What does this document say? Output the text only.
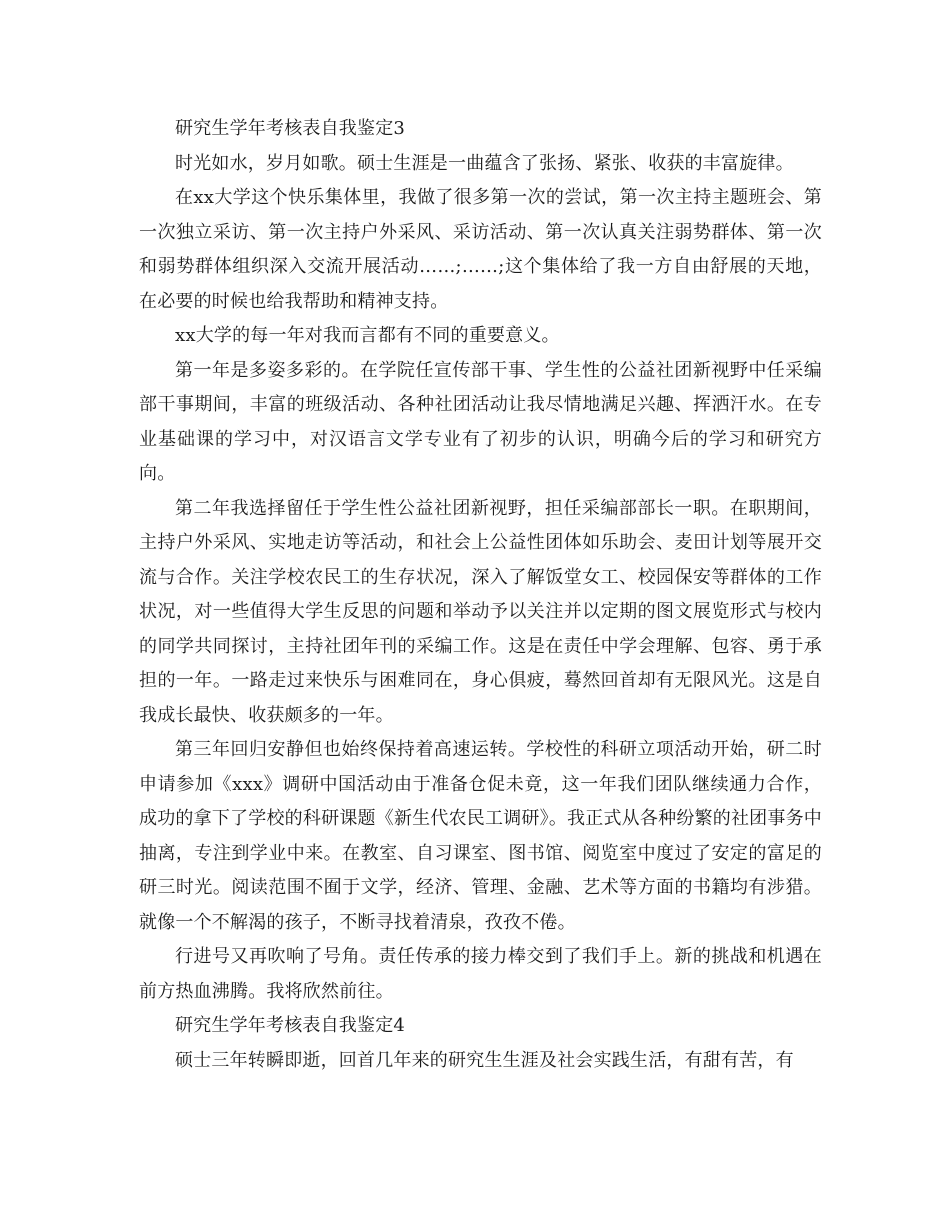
研究生学年考核表自我鉴定3

时光如水，岁月如歌。硕士生涯是一曲蕴含了张扬、紧张、收获的丰富旋律。

在xx大学这个快乐集体里，我做了很多第一次的尝试，第一次主持主题班会、第一次独立采访、第一次主持户外采风、采访活动、第一次认真关注弱势群体、第一次和弱势群体组织深入交流开展活动……;……;这个集体给了我一方自由舒展的天地，在必要的时候也给我帮助和精神支持。

xx大学的每一年对我而言都有不同的重要意义。

第一年是多姿多彩的。在学院任宣传部干事、学生性的公益社团新视野中任采编部干事期间，丰富的班级活动、各种社团活动让我尽情地满足兴趣、挥洒汗水。在专业基础课的学习中，对汉语言文学专业有了初步的认识，明确今后的学习和研究方向。

第二年我选择留任于学生性公益社团新视野，担任采编部部长一职。在职期间，主持户外采风、实地走访等活动，和社会上公益性团体如乐助会、麦田计划等展开交流与合作。关注学校农民工的生存状况，深入了解饭堂女工、校园保安等群体的工作状况，对一些值得大学生反思的问题和举动予以关注并以定期的图文展览形式与校内的同学共同探讨，主持社团年刊的采编工作。这是在责任中学会理解、包容、勇于承担的一年。一路走过来快乐与困难同在，身心俱疲，蓦然回首却有无限风光。这是自我成长最快、收获颇多的一年。

第三年回归安静但也始终保持着高速运转。学校性的科研立项活动开始，研二时申请参加《xxx》调研中国活动由于准备仓促未竟，这一年我们团队继续通力合作，成功的拿下了学校的科研课题《新生代农民工调研》。我正式从各种纷繁的社团事务中抽离，专注到学业中来。在教室、自习课室、图书馆、阅览室中度过了安定的富足的研三时光。阅读范围不囿于文学，经济、管理、金融、艺术等方面的书籍均有涉猎。就像一个不解渴的孩子，不断寻找着清泉，孜孜不倦。

行进号又再吹响了号角。责任传承的接力棒交到了我们手上。新的挑战和机遇在前方热血沸腾。我将欣然前往。

研究生学年考核表自我鉴定4

硕士三年转瞬即逝，回首几年来的研究生生涯及社会实践生活，有甜有苦，有
